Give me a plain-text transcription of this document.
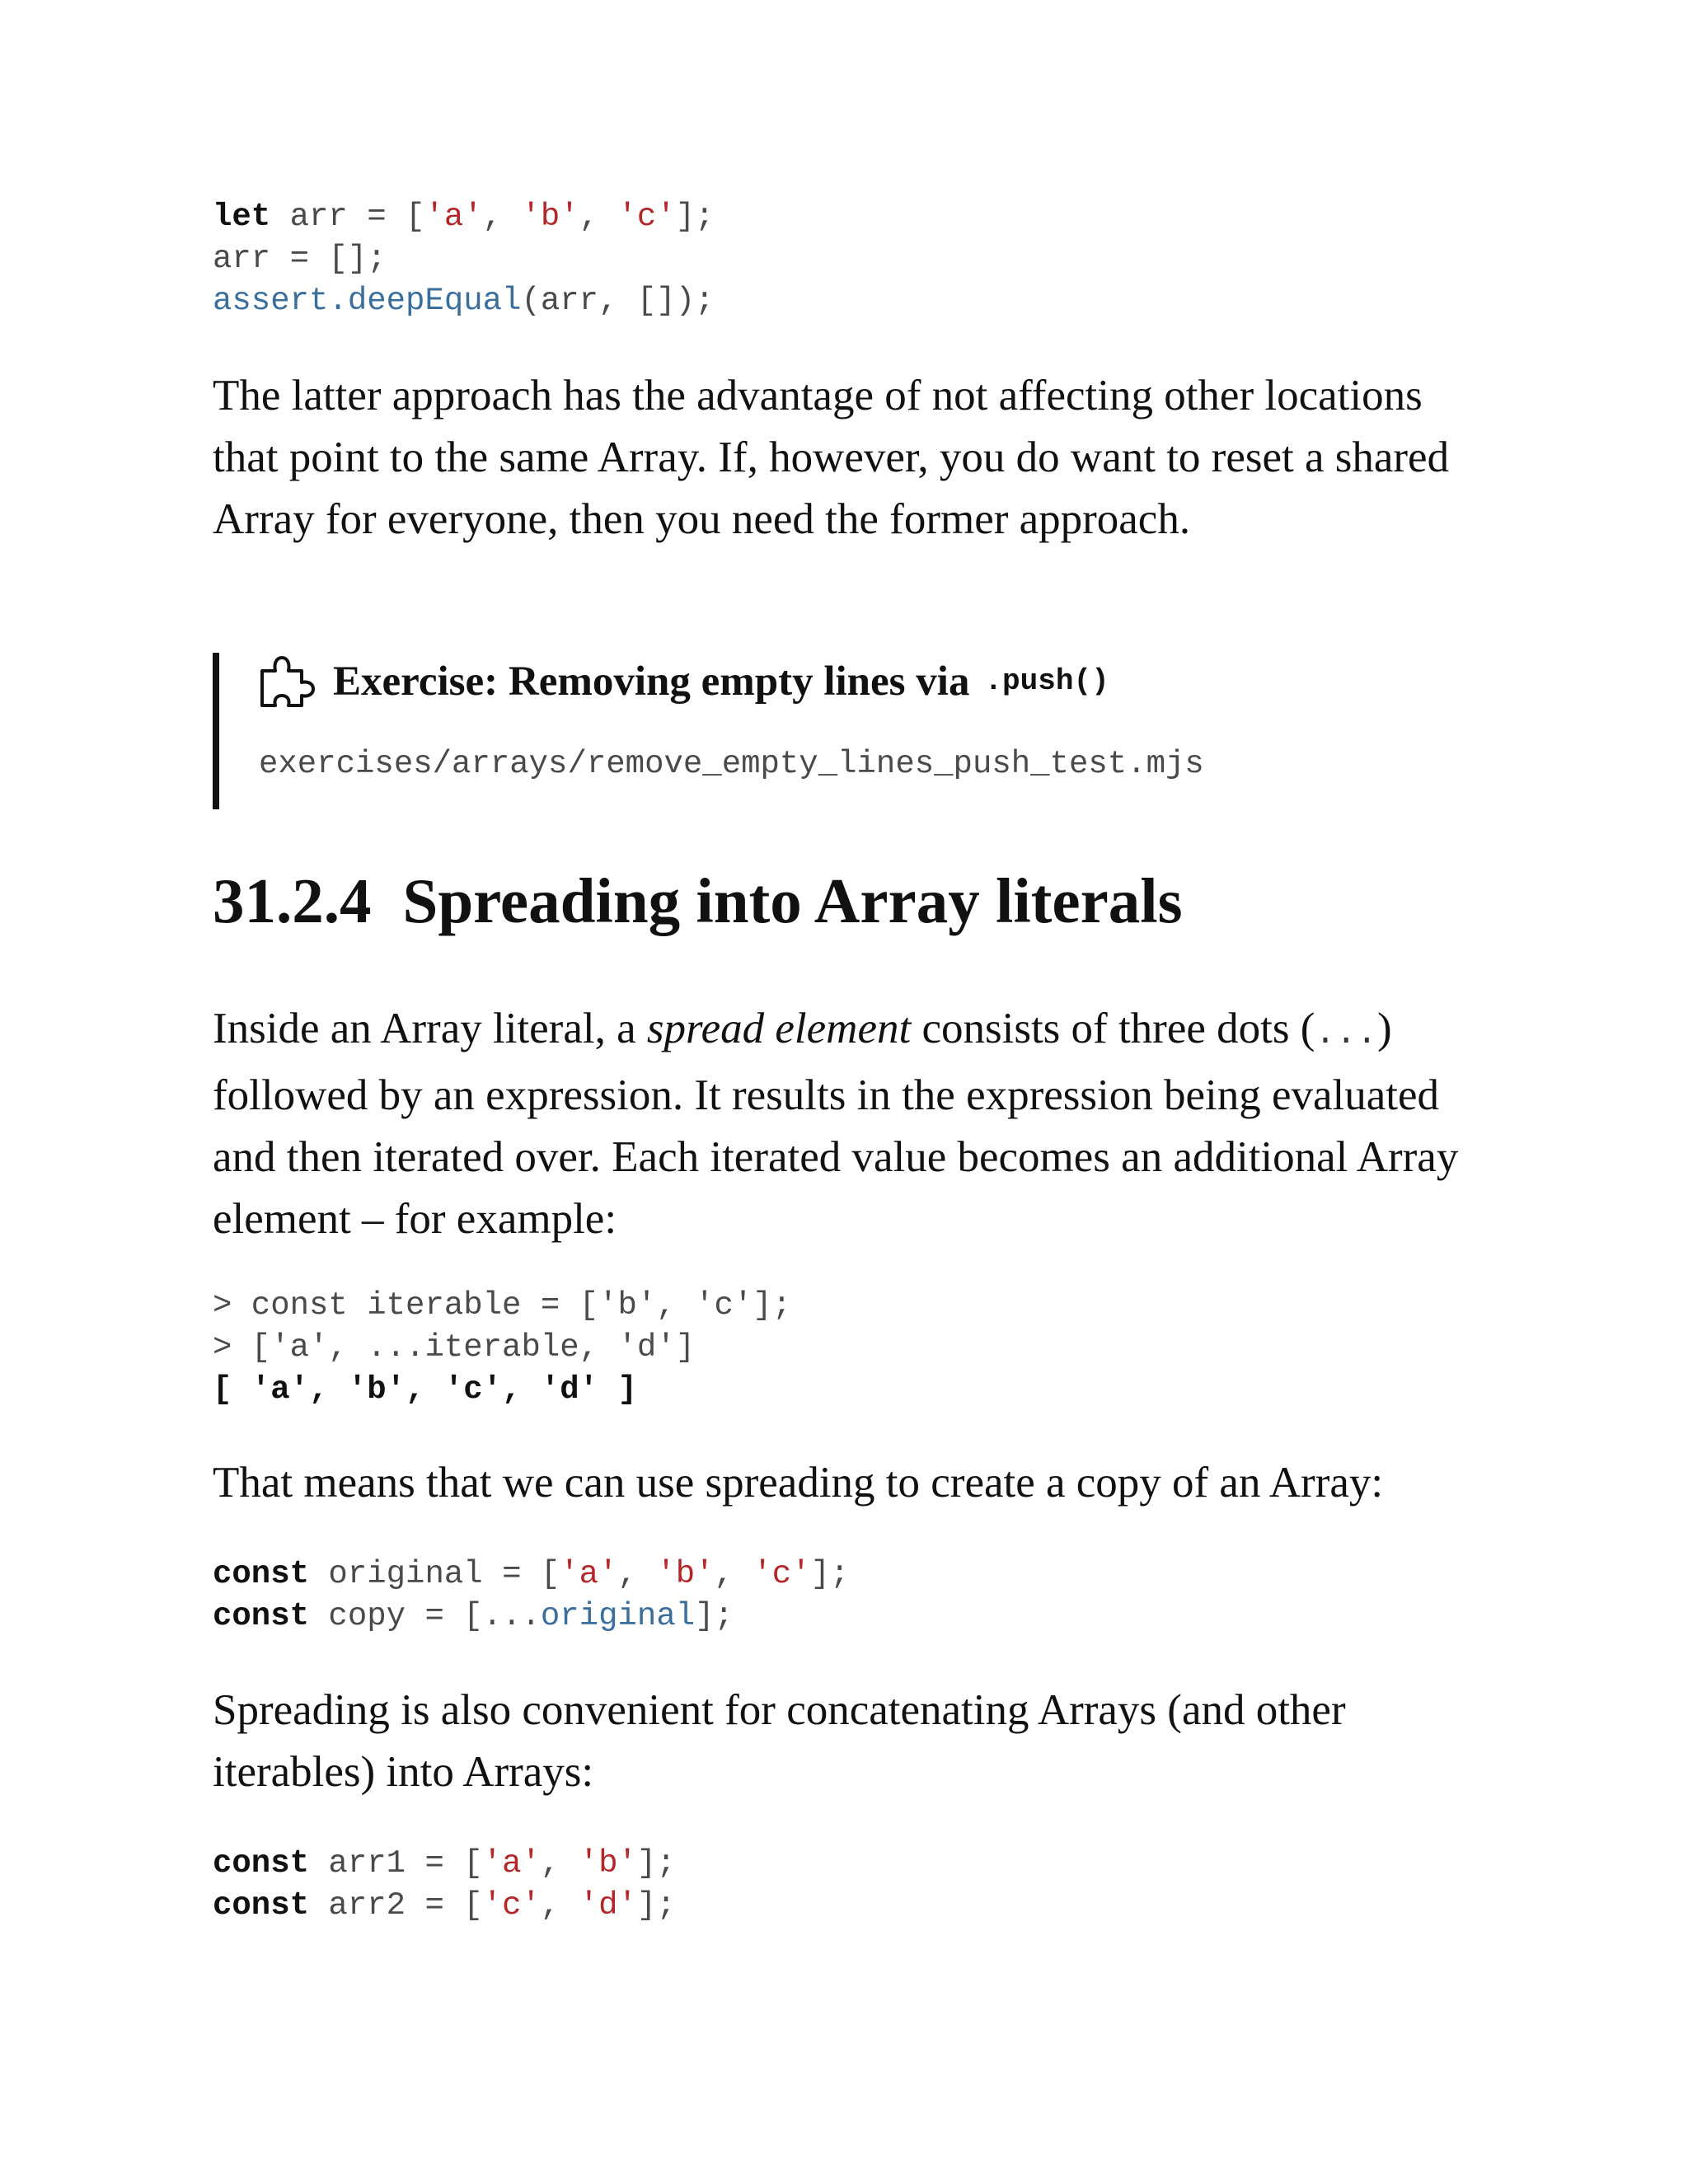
let arr = ['a', 'b', 'c'];
arr = [];
assert.deepEqual(arr, []);

The latter approach has the advantage of not affecting other locations that point to the same Array. If, however, you do want to reset a shared Array for everyone, then you need the former approach.

Exercise: Removing empty lines via .push()
exercises/arrays/remove_empty_lines_push_test.mjs
31.2.4 Spreading into Array literals

Inside an Array literal, a spread element consists of three dots (...) followed by an expression. It results in the expression being evaluated and then iterated over. Each iterated value becomes an additional Array element – for example:

> const iterable = ['b', 'c'];
> ['a', ...iterable, 'd']
[ 'a', 'b', 'c', 'd' ]

That means that we can use spreading to create a copy of an Array:

const original = ['a', 'b', 'c'];
const copy = [...original];

Spreading is also convenient for concatenating Arrays (and other iterables) into Arrays:

const arr1 = ['a', 'b'];
const arr2 = ['c', 'd'];
